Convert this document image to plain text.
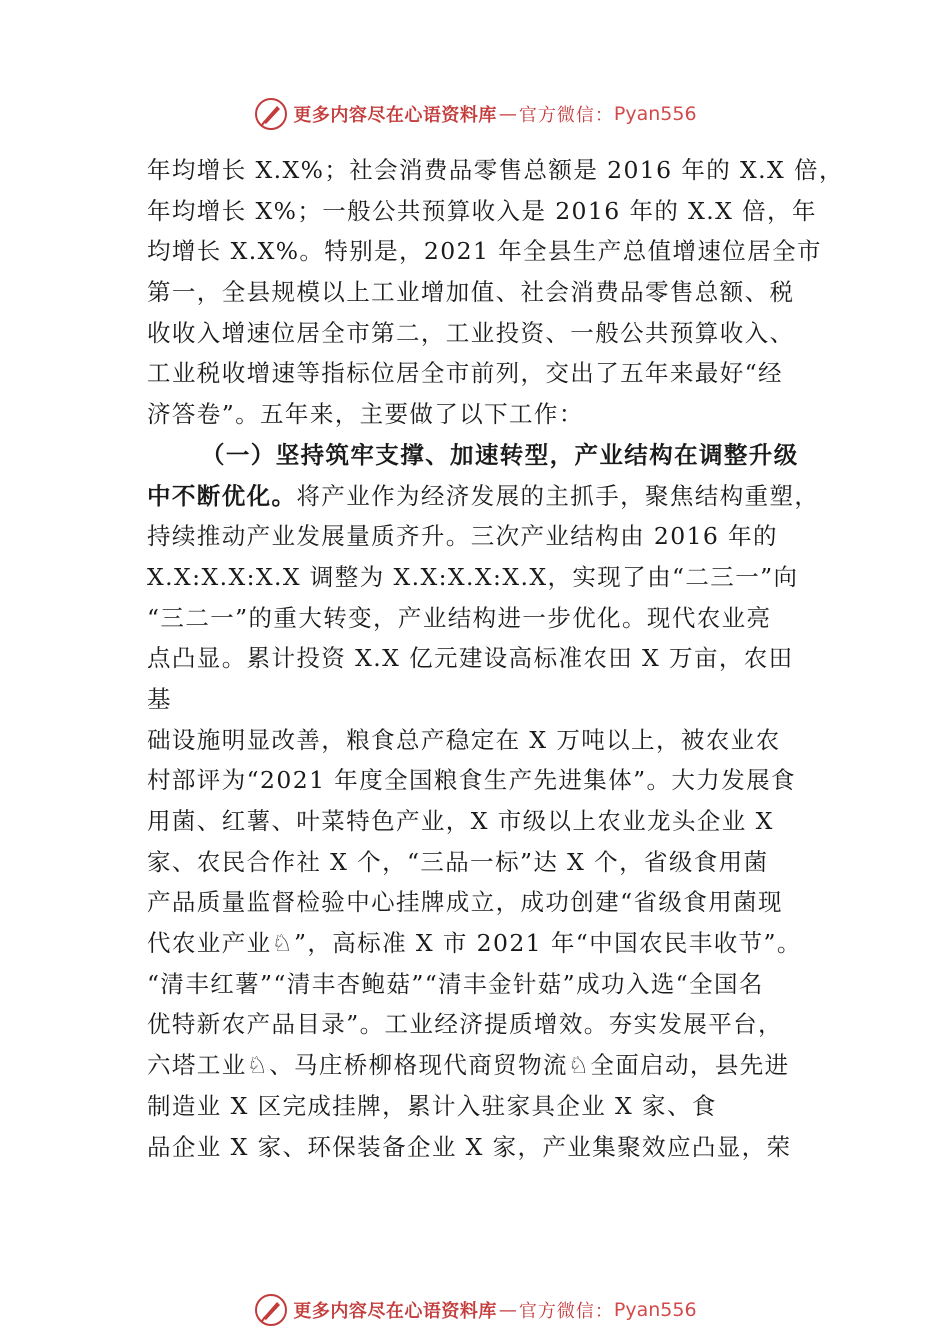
更多内容尽在心语资料库 — 官方微信： Pyan556
年均增长 X.X%；社会消费品零售总额是 2016 年的 X.X 倍，
年均增长 X%；一般公共预算收入是 2016 年的 X.X 倍，年
均增长 X.X%。特别是，2021 年全县生产总值增速位居全市
第一，全县规模以上工业增加值、社会消费品零售总额、税
收收入增速位居全市第二，工业投资、一般公共预算收入、
工业税收增速等指标位居全市前列，交出了五年来最好“经
济答卷”。五年来，主要做了以下工作：
（一）坚持筑牢支撑、加速转型，产业结构在调整升级
中不断优化。将产业作为经济发展的主抓手，聚焦结构重塑，
持续推动产业发展量质齐升。三次产业结构由 2016 年的
X.X:X.X:X.X 调整为 X.X:X.X:X.X，实现了由“二三一”向
“三二一”的重大转变，产业结构进一步优化。现代农业亮
点凸显。累计投资 X.X 亿元建设高标准农田 X 万亩，农田
基
础设施明显改善，粮食总产稳定在 X 万吨以上，被农业农
村部评为“2021 年度全国粮食生产先进集体”。大力发展食
用菌、红薯、叶菜特色产业，X 市级以上农业龙头企业 X
家、农民合作社 X 个，“三品一标”达 X 个，省级食用菌
产品质量监督检验中心挂牌成立，成功创建“省级食用菌现
代农业产业♘”，高标准 X 市 2021 年“中国农民丰收节”。
“清丰红薯”“清丰杏鲍菇”“清丰金针菇”成功入选“全国名
优特新农产品目录”。工业经济提质增效。夯实发展平台，
六塔工业♘、马庄桥柳格现代商贸物流♘全面启动，县先进
制造业 X 区完成挂牌，累计入驻家具企业 X 家、食
品企业 X 家、环保装备企业 X 家，产业集聚效应凸显，荣
更多内容尽在心语资料库 — 官方微信： Pyan556
